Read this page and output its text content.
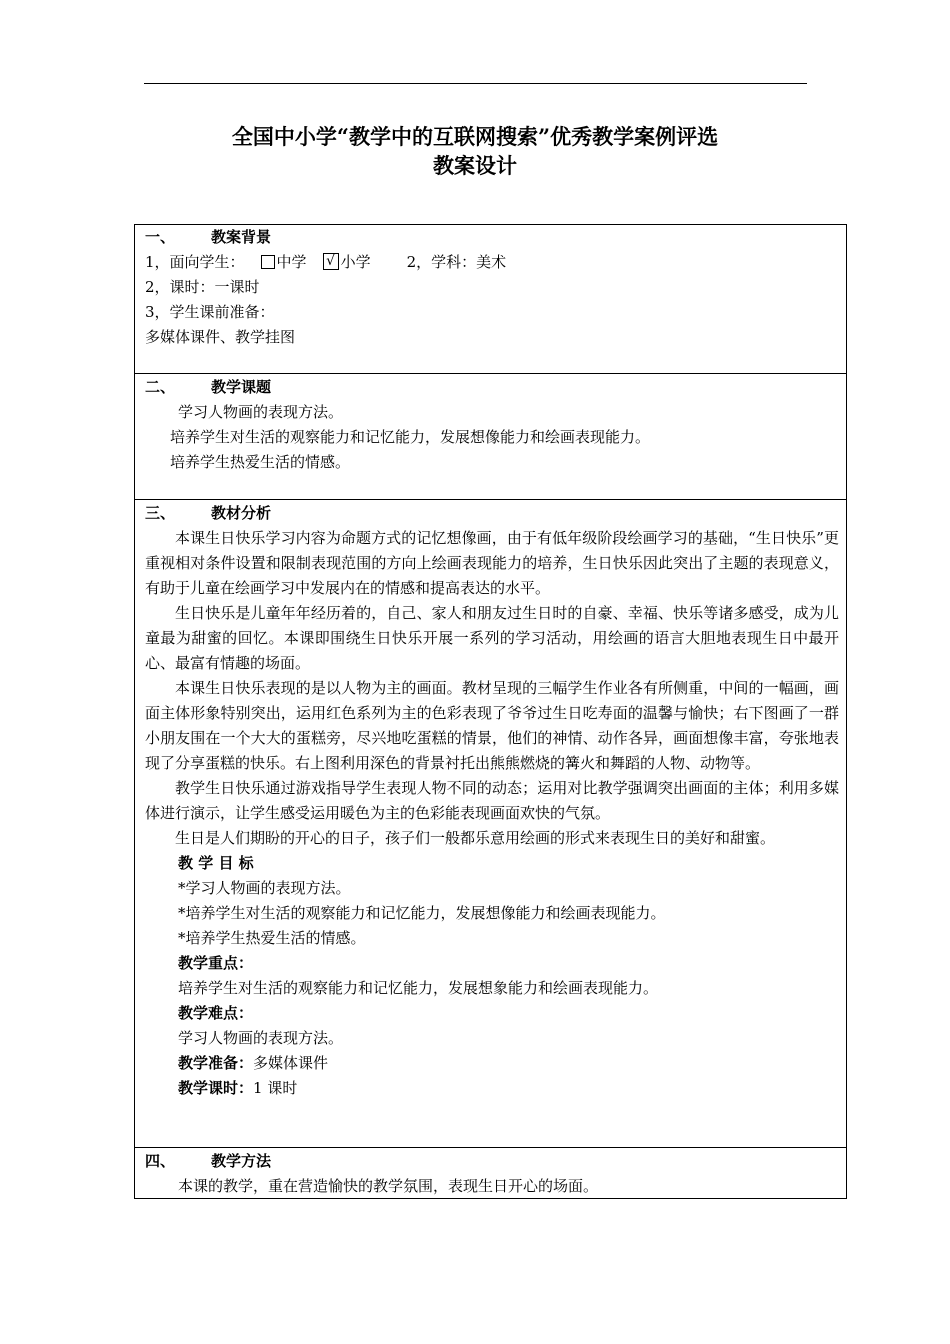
全国中小学“教学中的互联网搜索”优秀教学案例评选
教案设计
一、 教案背景
1，面向学生： 中学 √ 小学 2，学科：美术
2，课时：一课时
3，学生课前准备：
多媒体课件、教学挂图
二、 教学课题
学习人物画的表现方法。
培养学生对生活的观察能力和记忆能力，发展想像能力和绘画表现能力。
培养学生热爱生活的情感。
三、 教材分析
本课生日快乐学习内容为命题方式的记忆想像画，由于有低年级阶段绘画学习的基础，“生日快乐”更重视相对条件设置和限制表现范围的方向上绘画表现能力的培养，生日快乐因此突出了主题的表现意义，有助于儿童在绘画学习中发展内在的情感和提高表达的水平。
生日快乐是儿童年年经历着的，自己、家人和朋友过生日时的自豪、幸福、快乐等诸多感受，成为儿童最为甜蜜的回忆。本课即围绕生日快乐开展一系列的学习活动，用绘画的语言大胆地表现生日中最开心、最富有情趣的场面。
本课生日快乐表现的是以人物为主的画面。教材呈现的三幅学生作业各有所侧重，中间的一幅画，画面主体形象特别突出，运用红色系列为主的色彩表现了爷爷过生日吃寿面的温馨与愉快；右下图画了一群小朋友围在一个大大的蛋糕旁，尽兴地吃蛋糕的情景，他们的神情、动作各异，画面想像丰富，夸张地表现了分享蛋糕的快乐。右上图利用深色的背景衬托出熊熊燃烧的篝火和舞蹈的人物、动物等。
教学生日快乐通过游戏指导学生表现人物不同的动态；运用对比教学强调突出画面的主体；利用多媒体进行演示，让学生感受运用暖色为主的色彩能表现画面欢快的气氛。
生日是人们期盼的开心的日子，孩子们一般都乐意用绘画的形式来表现生日的美好和甜蜜。
教 学 目 标
*学习人物画的表现方法。
*培养学生对生活的观察能力和记忆能力，发展想像能力和绘画表现能力。
*培养学生热爱生活的情感。
教学重点：
培养学生对生活的观察能力和记忆能力，发展想象能力和绘画表现能力。
教学难点：
学习人物画的表现方法。
教学准备：多媒体课件
教学课时：1 课时
四、 教学方法
本课的教学，重在营造愉快的教学氛围，表现生日开心的场面。
